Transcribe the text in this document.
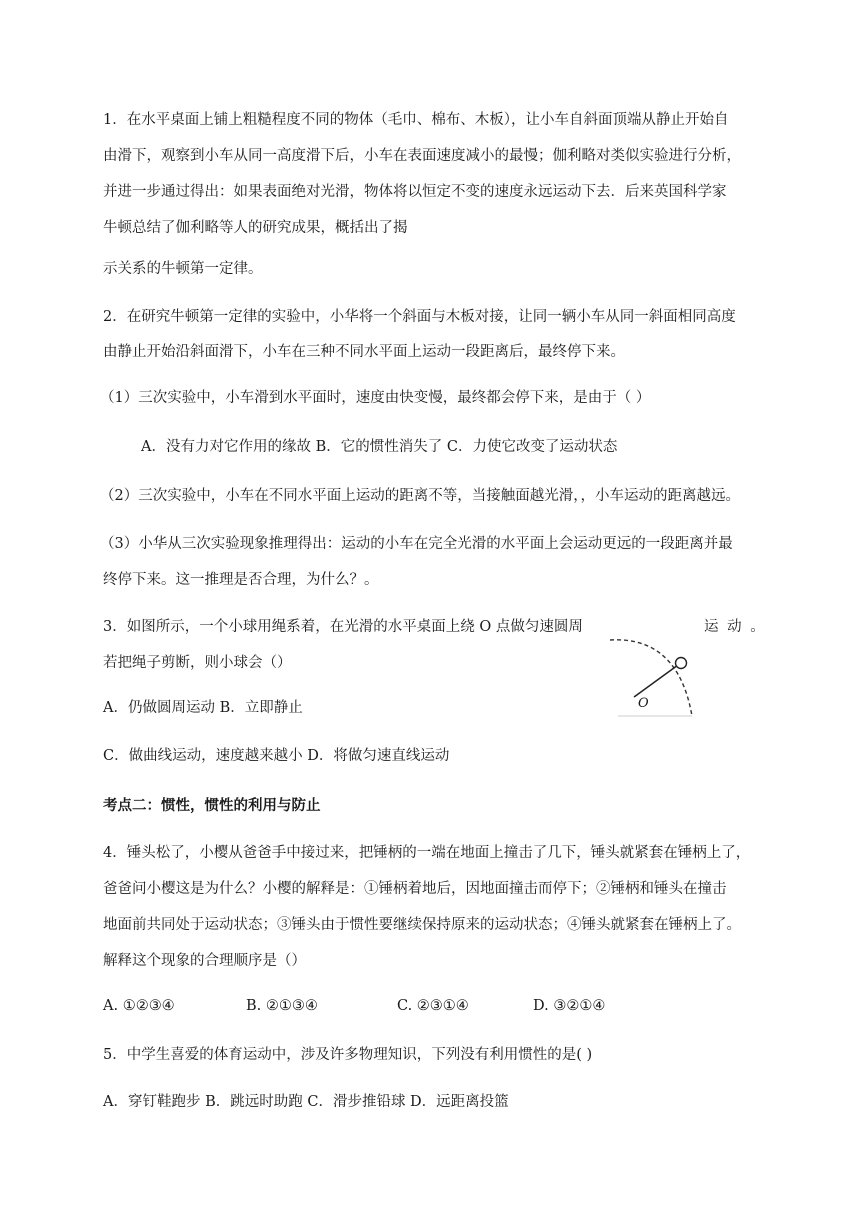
1．在水平桌面上铺上粗糙程度不同的物体（毛巾、棉布、木板），让小车自斜面顶端从静止开始自
由滑下，观察到小车从同一高度滑下后，小车在表面速度减小的最慢；伽利略对类似实验进行分析，
并进一步通过得出：如果表面绝对光滑，物体将以恒定不变的速度永远运动下去．后来英国科学家
牛顿总结了伽利略等人的研究成果，概括出了揭
示关系的牛顿第一定律。
2．在研究牛顿第一定律的实验中，小华将一个斜面与木板对接，让同一辆小车从同一斜面相同高度
由静止开始沿斜面滑下，小车在三种不同水平面上运动一段距离后，最终停下来。
（1）三次实验中，小车滑到水平面时，速度由快变慢，最终都会停下来，是由于（ ）
A．没有力对它作用的缘故 B．它的惯性消失了 C．力使它改变了运动状态
（2）三次实验中，小车在不同水平面上运动的距离不等，当接触面越光滑，，小车运动的距离越远。
（3）小华从三次实验现象推理得出：运动的小车在完全光滑的水平面上会运动更远的一段距离并最
终停下来。这一推理是否合理，为什么？。
3．如图所示，一个小球用绳系着，在光滑的水平桌面上绕 O 点做匀速圆周	运 动 。
若把绳子剪断，则小球会（）
A．仍做圆周运动 B．立即静止
C．做曲线运动，速度越来越小 D．将做匀速直线运动
O
考点二：惯性，惯性的利用与防止
4．锤头松了，小樱从爸爸手中接过来，把锤柄的一端在地面上撞击了几下，锤头就紧套在锤柄上了，
爸爸问小樱这是为什么？小樱的解释是：①锤柄着地后，因地面撞击而停下；②锤柄和锤头在撞击
地面前共同处于运动状态；③锤头由于惯性要继续保持原来的运动状态；④锤头就紧套在锤柄上了。
解释这个现象的合理顺序是（）
A. ①②③④	B. ②①③④	C. ②③①④	D. ③②①④
5．中学生喜爱的体育运动中，涉及许多物理知识，下列没有利用惯性的是( )
A．穿钉鞋跑步 B．跳远时助跑 C．滑步推铅球 D．远距离投篮
